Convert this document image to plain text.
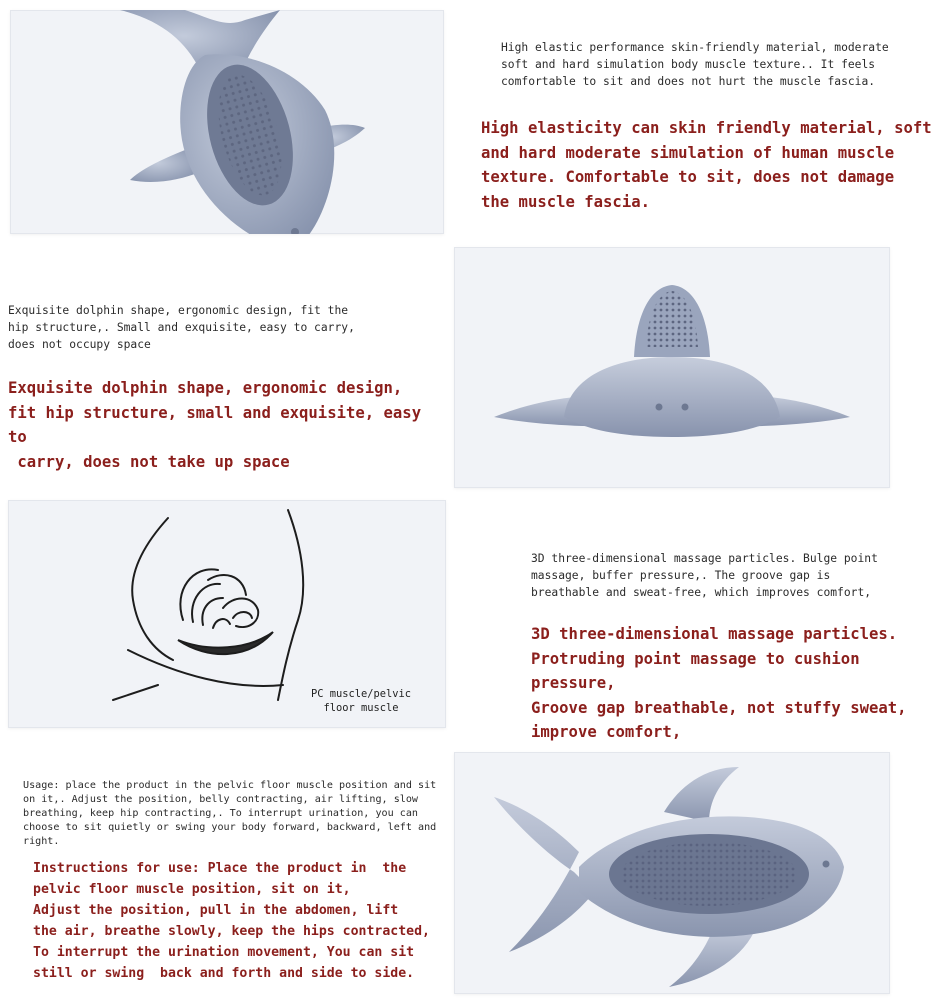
High elastic performance skin-friendly material, moderate
soft and hard simulation body muscle texture.. It feels
comfortable to sit and does not hurt the muscle fascia.
High elasticity can skin friendly material, soft
and hard moderate simulation of human muscle
texture. Comfortable to sit, does not damage
the muscle fascia.
Exquisite dolphin shape, ergonomic design, fit the
hip structure,. Small and exquisite, easy to carry,
does not occupy space
Exquisite dolphin shape, ergonomic design,
fit hip structure, small and exquisite, easy to
carry, does not take up space
PC muscle/pelvic
floor muscle
3D three-dimensional massage particles. Bulge point
massage, buffer pressure,. The groove gap is
breathable and sweat-free, which improves comfort,
3D three-dimensional massage particles.
Protruding point massage to cushion
pressure,
Groove gap breathable, not stuffy sweat,
improve comfort,
Usage: place the product in the pelvic floor muscle position and sit
on it,. Adjust the position, belly contracting, air lifting, slow
breathing, keep hip contracting,. To interrupt urination, you can
choose to sit quietly or swing your body forward, backward, left and
right.
Instructions for use: Place the product in  the
pelvic floor muscle position, sit on it,
Adjust the position, pull in the abdomen, lift
the air, breathe slowly, keep the hips contracted,
To interrupt the urination movement, You can sit
still or swing  back and forth and side to side.
